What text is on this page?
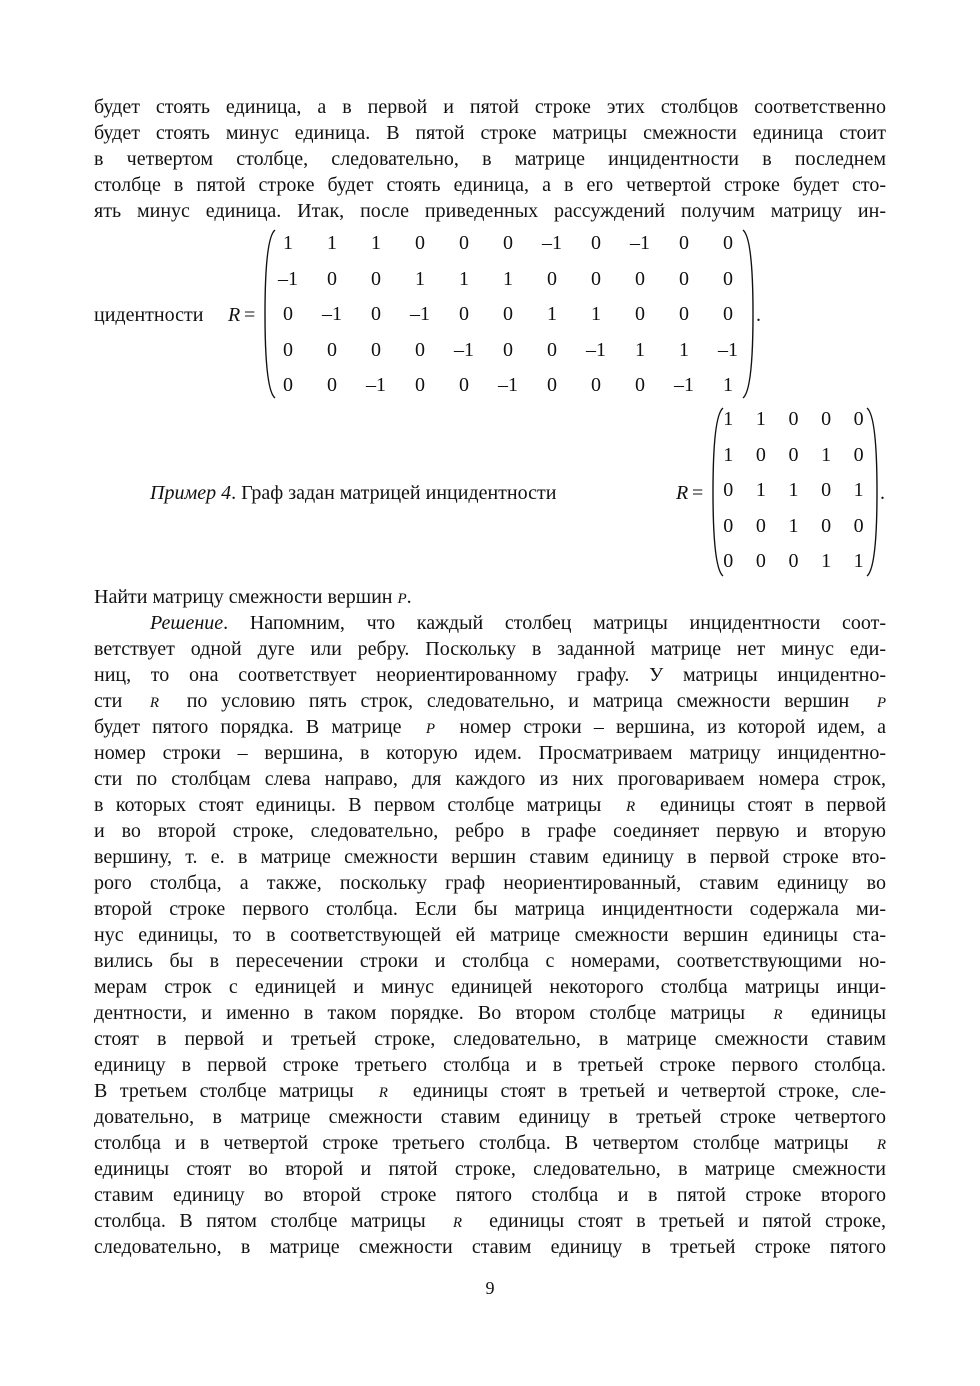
будет стоять единица, а в первой и пятой строке этих столбцов соответственно
будет стоять минус единица. В пятой строке матрицы смежности единица стоит
в четвертом столбце, следовательно, в матрице инцидентности в последнем
столбце в пятой строке будет стоять единица, а в его четвертой строке будет сто-
ять минус единица. Итак, после приведенных рассуждений получим матрицу ин-
цидентности R =
1	1	1	0	0	0	–1	0	–1	0	0
–1	0	0	1	1	1	0	0	0	0	0
0	–1	0	–1	0	0	1	1	0	0	0
0	0	0	0	–1	0	0	–1	1	1	–1
0	0	–1	0	0	–1	0	0	0	–1	1
.
Пример 4. Граф задан матрицей инцидентности	R =
1	1	0	0	0
1	0	0	1	0
0	1	1	0	1
0	0	1	0	0
0	0	0	1	1
.
Найти матрицу смежности вершин P.
Решение. Напомним, что каждый столбец матрицы инцидентности соот-
ветствует одной дуге или ребру. Поскольку в заданной матрице нет минус еди-
ниц, то она соответствует неориентированному графу. У матрицы инцидентно-
сти R по условию пять строк, следовательно, и матрица смежности вершин P
будет пятого порядка. В матрице P номер строки – вершина, из которой идем, а
номер строки – вершина, в которую идем. Просматриваем матрицу инцидентно-
сти по столбцам слева направо, для каждого из них проговариваем номера строк,
в которых стоят единицы. В первом столбце матрицы R единицы стоят в первой
и во второй строке, следовательно, ребро в графе соединяет первую и вторую
вершину, т. е. в матрице смежности вершин ставим единицу в первой строке вто-
рого столбца, а также, поскольку граф неориентированный, ставим единицу во
второй строке первого столбца. Если бы матрица инцидентности содержала ми-
нус единицы, то в соответствующей ей матрице смежности вершин единицы ста-
вились бы в пересечении строки и столбца с номерами, соответствующими но-
мерам строк с единицей и минус единицей некоторого столбца матрицы инци-
дентности, и именно в таком порядке. Во втором столбце матрицы R единицы
стоят в первой и третьей строке, следовательно, в матрице смежности ставим
единицу в первой строке третьего столбца и в третьей строке первого столбца.
В третьем столбце матрицы R единицы стоят в третьей и четвертой строке, сле-
довательно, в матрице смежности ставим единицу в третьей строке четвертого
столбца и в четвертой строке третьего столбца. В четвертом столбце матрицы R
единицы стоят во второй и пятой строке, следовательно, в матрице смежности
ставим единицу во второй строке пятого столбца и в пятой строке второго
столбца. В пятом столбце матрицы R единицы стоят в третьей и пятой строке,
следовательно, в матрице смежности ставим единицу в третьей строке пятого
9
